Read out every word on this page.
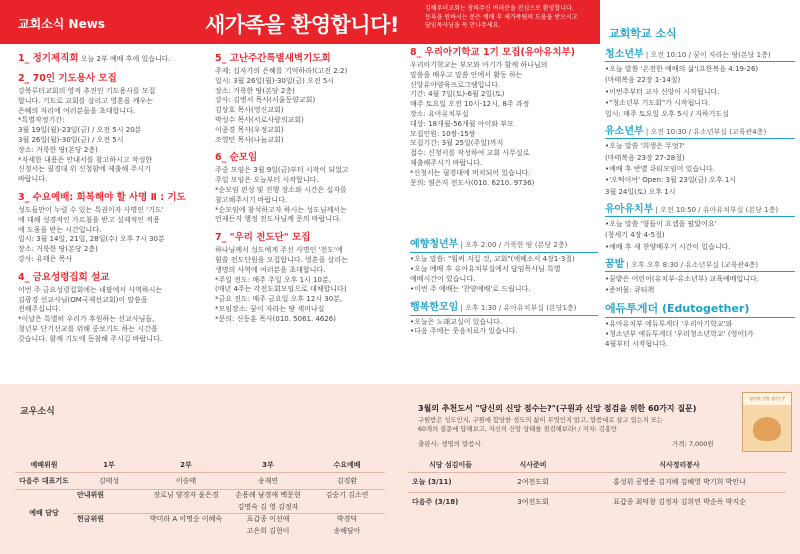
교회소식 News	새가족을 환영합니다!
김해루터교회는 창의주신 여러분을 진심으로 환영합니다.
등록을 원하시는 분은 예배 후 새가족팀의 도움을 받으시고
담임목사님을 꼭 만나주세요.
1_ 정기제직회 오늘 2부 예배 후에 있습니다.
2_ 70인 기도용사 모집
강북루터교회의 영적 추진인 기도용사를 모집
합니다. 기도로 교회를 살리고 영혼을 깨우는
은혜의 자리에 여러분들을 초대합니다.
*특별작정기간:
3월 19일(월)-23일(금) / 오전 5시 20분
3월 26일(월)-30일(금) / 오전 5시
장소: 거룩한 땅(본당 2층)
*자세한 내용은 안내서를 참고하시고 작성한
신청서는 필경대 위 신청함에 제출해 주시기
바랍니다.
3_ 수요예배: 회복해야 할 사명 Ⅱ : 기도
성도들만이 누릴 수 있는 특권이자 사명인 '기도'
에 대해 성경적인 가르침을 받고 실제적인 적용
에 도움을 받는 시간입니다.
일시: 3월 14일, 21일, 28일(수) 오후 7시 30분
장소: 거룩한 땅(본당 2층)
강사: 유태은 목사
4_ 금요성령집회 설교
이번 주 금요성령집회에는 네팔에서 사역하시는
김광경 선교사님(OM국제선교회)이 말씀을
전해주십니다.
*이날은 특별히 우리가 후원하는 선교사님들,
청년부 단기선교를 위해 중보기도 하는 시간을
갖습니다. 함께 기도에 동참해 주시길 바랍니다.
5_ 고난주간특별새벽기도회
주제: 십자가의 은혜를 기억하라!(고전 2:2)
일시: 3월 26일(월)-30일(금) 오전 5시
장소: 거룩한 땅(본당 2층)
강사: 김병서 목사(서울동양교회)
김상호 목사(영신교회)
박성수 목사(서로사랑의교회)
이종경 목사(우정교회)
조영민 목사(나눔교회)
6_ 순모임
주중 모임은 3월 9일(금)부터 시작이 되었고
주일 모임은 오늘부터 시작합니다.
*순모임 편성 및 진행 장소와 시간은 십자를
참고해주시기 바랍니다.
*순모임에 참석하고자 하시는 성도님께서는
언제든지 행정 전도사님께 문의 바랍니다.
7_ "우리 전도단" 모집
하나님께서 성도에게 주신 사명인 '전도'에
힘쓸 전도단원을 모집합니다. 영혼을 살리는
생명의 사역에 여러분을 초대합니다.
*주일 전도: 매주 주일 오후 1시 10분,
(매년 4주는 각전도회모임으로 대체합니다)
*금요 전도: 매주 금요일 오후 12시 30분,
*모임장소: 꿈이 자라는 땅 세미나실
*문의: 신동훈 목사(010. 5061. 4626)
8_ 우리아기학교 1기 모집(유아유치부)
우리아기학교는 부모와 아기가 함께 하나님의
말씀을 배우고 말씀 안에서 활동 하는
신앙유아양육프로그램입니다.
기간: 4월 7일(토)-6월 2일(토)
매주 토요일 오전 10시-12시, 8주 과정
장소: 유아유치부실
대상: 18개월-56개월 아이와 부모
모집인원: 10쌍-15쌍
모집기간: 3월 25일(주일)까지
접수: 신청서를 작성하여 교회 사무실로
제출해주시기 바랍니다.
*신청서는 필경대에 비치되어 있습니다.
문의: 염은지 전도사(010. 6210. 9736)
예향청년부 | 오후 2:00 / 거룩한 땅 (본당 2층)
•오늘 말씀: "힘써 지킬 것, 교회"(에베소서 4장1-3절)
•오늘 예배 후 유아유치부실에서 답임목사님 특별
예배시간이 있습니다.
•이번 주 예배는 '찬양예배'로 드립니다.
행복한모임 | 오후 1:30 / 유아유치부실 (본당1층)
•오늘은 노래교실이 있습니다.
•다음 주에는 웃음치료가 있습니다.
교회학교 소식
청소년부 | 오전 10:10 / 꿈이 자라는 땅(본당 1층)
•오늘 말씀 '온전한 예배의 삶'(요한복음 4:19-26)
(마태복음 22장 1-14절)
•이번주부터 교사 신앙이 시작됩니다.
•"청소년부 기도회"가 시작됩니다.
일시: 매주 토요일 오후 5시 / 지하기도실
유소년부 | 오전 10:30 / 유소년부실 (교육관4층)
•오늘 말씀 '희생은 무엇?'
(마태복음 23장 27-28절)
•예배 후 반별 큐티모임이 있습니다.
•'오떡이여' Open: 3월 23일(금) 오후 1시
3월 24일(토) 오후 1시
유아유치부 | 오전 10:50 / 유아유치부실 (본당 1층)
•오늘 말씀 '형들이 요셉을 팔았어요'
(창세기 4장 4-5절)
•예배 후 새 찬양배우기 시간이 있습니다.
꿈밭 | 오후 오후 8:30 / 유소년부실 (교육관4층)
•꿈밭은 어린이(유치부-유소년부) 교육예배입니다.
•준비물: 큐티책
에듀투게더 (Edutogether)
•유아유치부 에듀투게더 '우리아기학교'와
•청소년부 에듀투게더 '우리청소년학교' (영어)가
4월부터 시작됩니다.
교우소식	3월의 추천도서 "당신의 신앙 점수는?"(구원과 신앙 점검을 위한 60가지 질문)
구원받은 성도인지, 구원에 합당한 성도의 삶이 무엇인지 알고, 말씀대로 살고 있는지 또는
60개의 질문에 답해보고, 자신의 신앙 상태를 점검해보라! / 저자: 김홍만
출판사: 생명의 말씀사	가격: 7,000원
당신의 신앙 점수는?
예배위원	1부	2부	3부	수요예배
다음주 대표기도	김태성	이승태	송재연	김경환
예배 담당	안내위원	장로님 양경자 윤은경	손용례 남경애 백문현	김숭기 김소연
			김명숙 김 영 김정자	
	헌금위원	박미라 A 이명순 이혜숙	표갑종 이선애	박경덕
			고은희 김현이	송해담아
식당 섬김이들	식사준비	식사정리봉사
오늘 (3/11)	2여전도회	홍성위 공병준 김지혜 김혜영 박기희 박안나
다음주 (3/18)	3여전도회	표갑종 최덕창 김정자 김희연 박순옥 박지순
